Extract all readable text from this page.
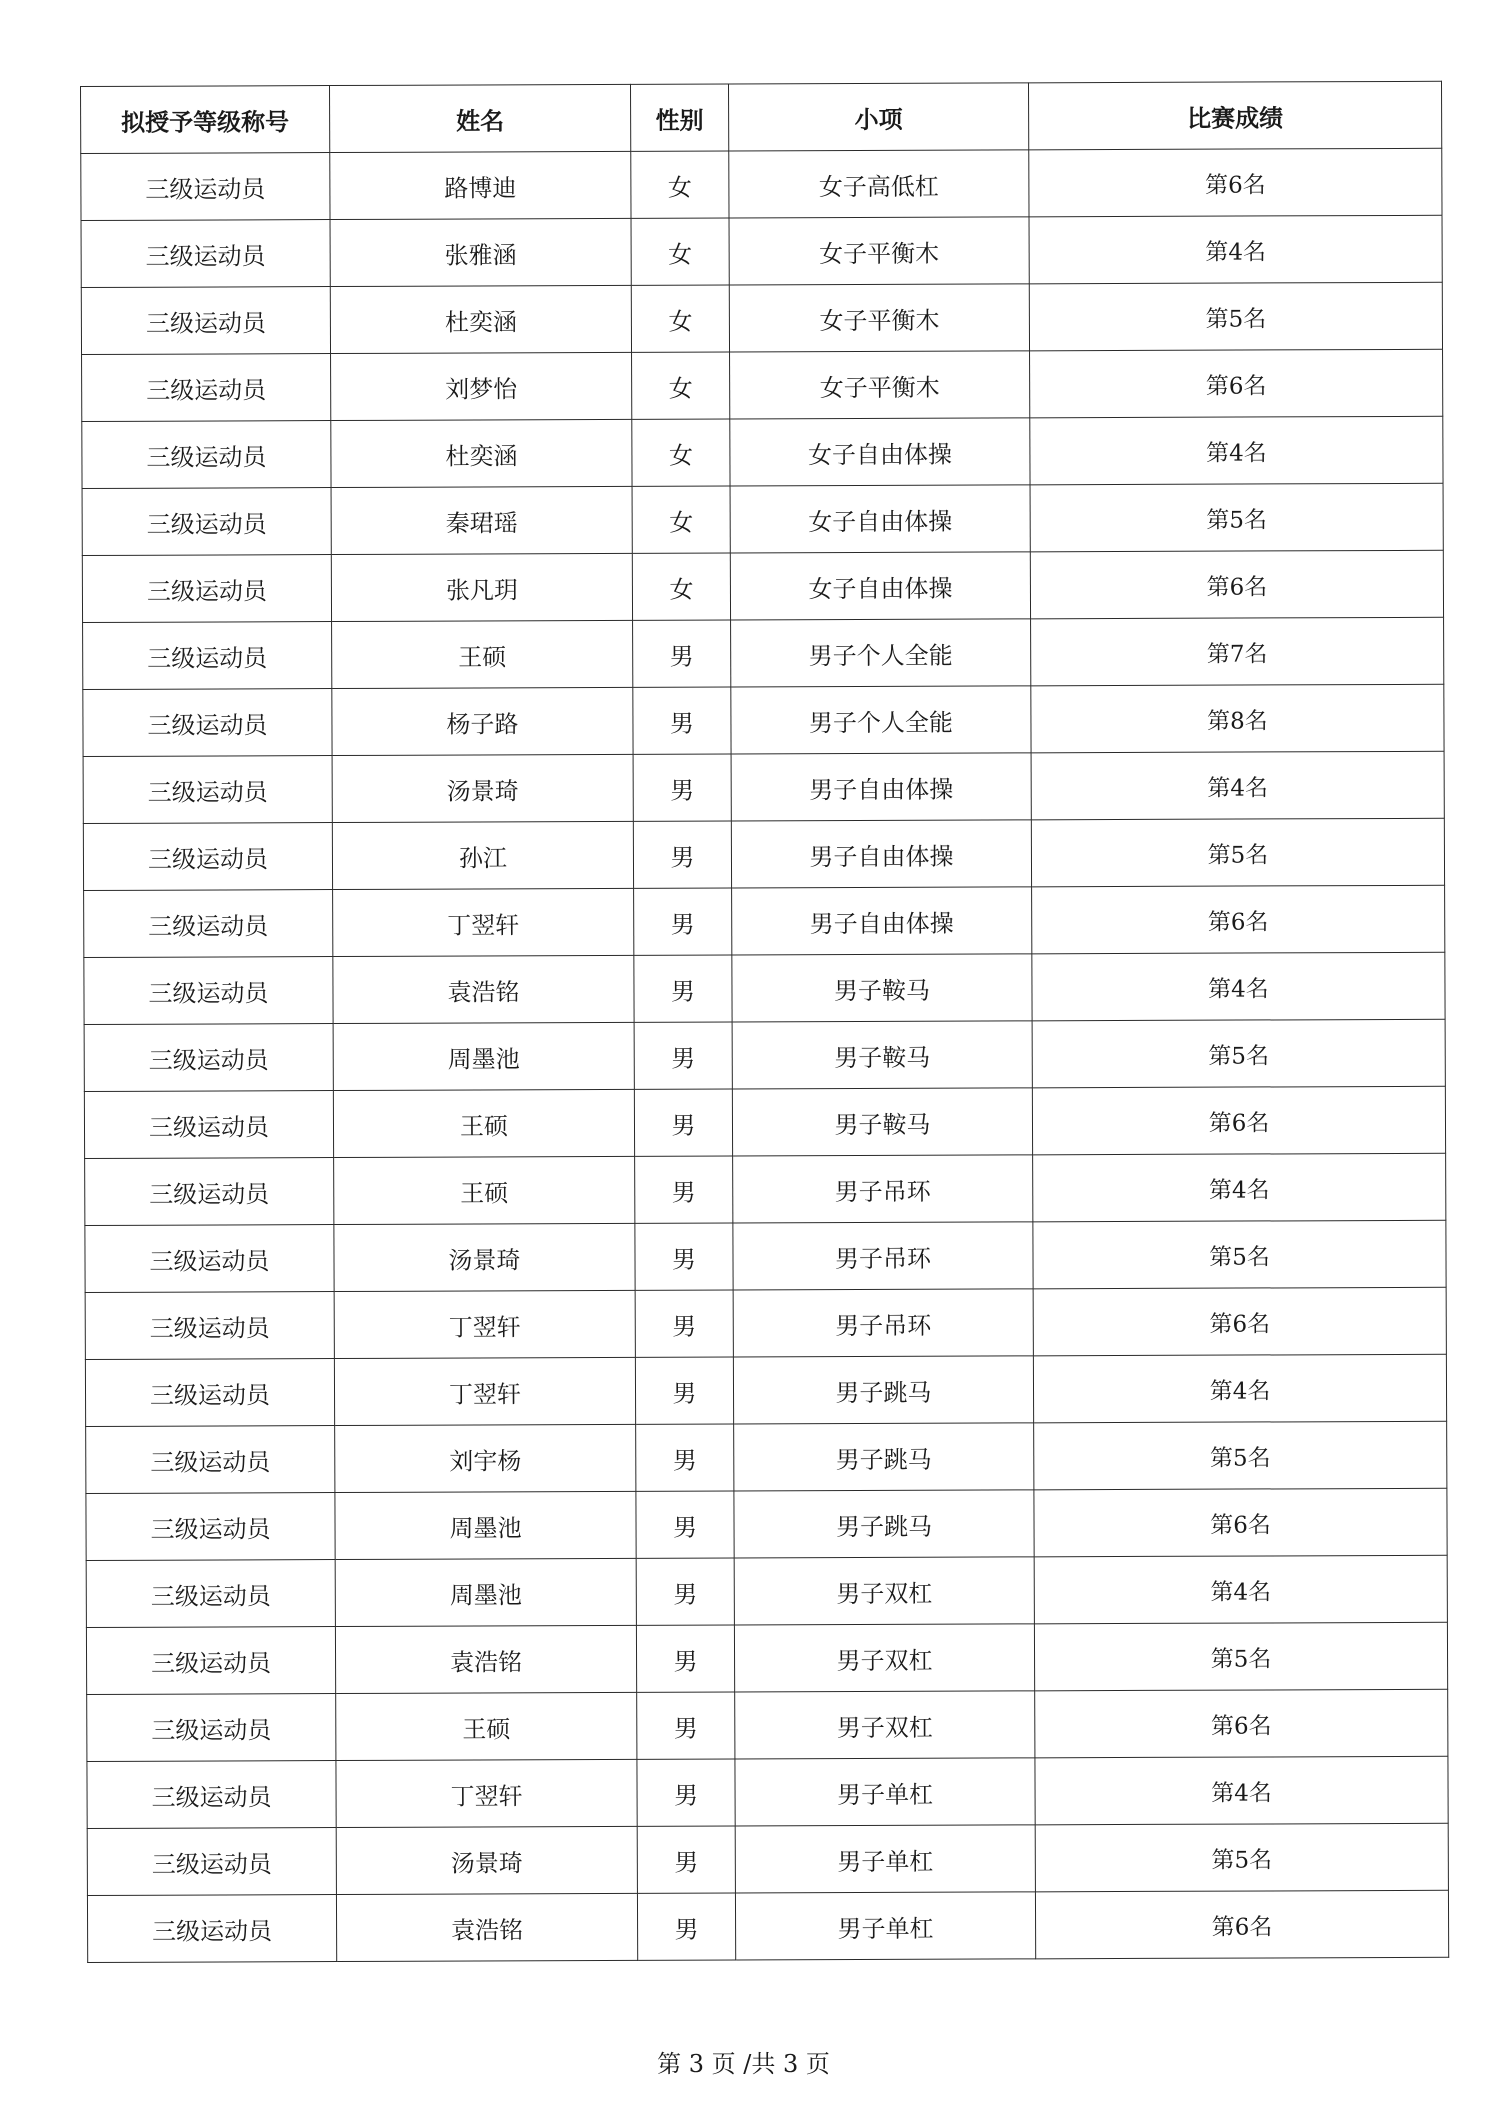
拟授予等级称号	姓名	性别	小项	比赛成绩
三级运动员	路博迪	女	女子高低杠	第6名
三级运动员	张雅涵	女	女子平衡木	第4名
三级运动员	杜奕涵	女	女子平衡木	第5名
三级运动员	刘梦怡	女	女子平衡木	第6名
三级运动员	杜奕涵	女	女子自由体操	第4名
三级运动员	秦珺瑶	女	女子自由体操	第5名
三级运动员	张凡玥	女	女子自由体操	第6名
三级运动员	王硕	男	男子个人全能	第7名
三级运动员	杨子路	男	男子个人全能	第8名
三级运动员	汤景琦	男	男子自由体操	第4名
三级运动员	孙江	男	男子自由体操	第5名
三级运动员	丁翌轩	男	男子自由体操	第6名
三级运动员	袁浩铭	男	男子鞍马	第4名
三级运动员	周墨池	男	男子鞍马	第5名
三级运动员	王硕	男	男子鞍马	第6名
三级运动员	王硕	男	男子吊环	第4名
三级运动员	汤景琦	男	男子吊环	第5名
三级运动员	丁翌轩	男	男子吊环	第6名
三级运动员	丁翌轩	男	男子跳马	第4名
三级运动员	刘宇杨	男	男子跳马	第5名
三级运动员	周墨池	男	男子跳马	第6名
三级运动员	周墨池	男	男子双杠	第4名
三级运动员	袁浩铭	男	男子双杠	第5名
三级运动员	王硕	男	男子双杠	第6名
三级运动员	丁翌轩	男	男子单杠	第4名
三级运动员	汤景琦	男	男子单杠	第5名
三级运动员	袁浩铭	男	男子单杠	第6名
第 3 页 /共 3 页
